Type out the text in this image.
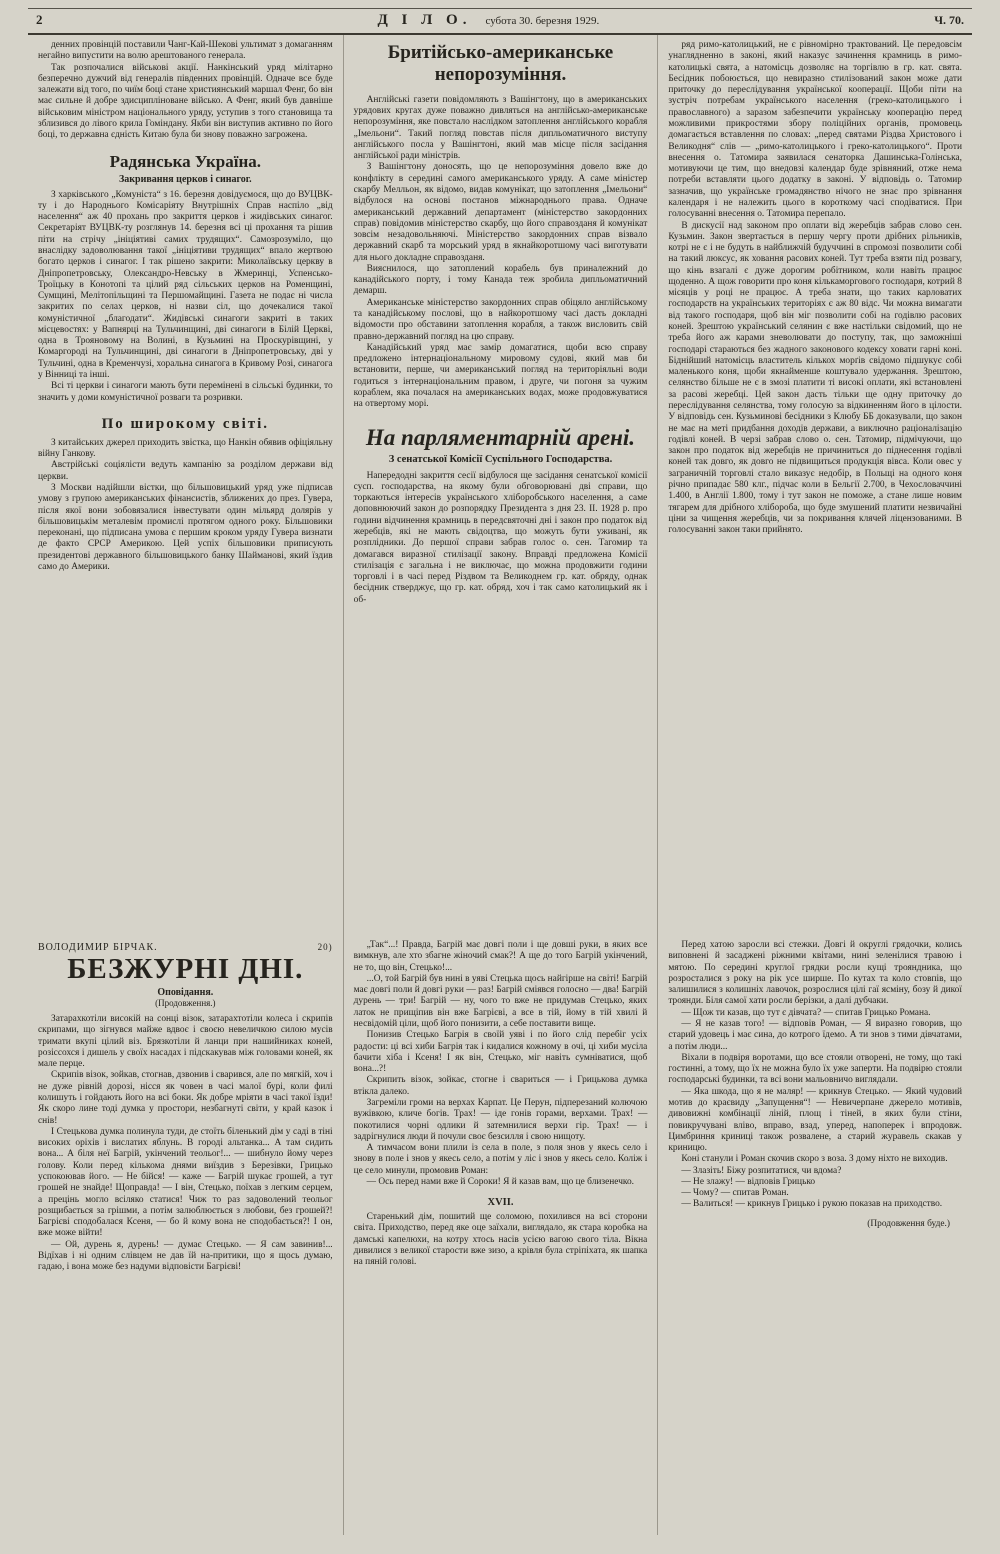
2	Д І Л О. субота 30. березня 1929.	Ч. 70.

денних провінцій поставили Чанг-Кай-Шекові ультимат з домаганням негайно випустити на волю арештованого генерала.

Так розпочалися військові акції. Нанкінський уряд мілітарно безперечно дужчий від генералів південних провінцій. Одначе все буде залежати від того, по чиїм боці стане християнський маршал Фенг, бо він має сильне й добре здисципліноване військо. А Фенг, який був давніше військовим міністром національного уряду, уступив з того становища та зблизився до лівого крила Гоміндану. Якби він виступив активно по його боці, то державна єдність Китаю була би знову поважно загрожена.

Радянська Україна.
Закривання церков і синагог.

З харківського „Комуніста“ з 16. березня довідуємося, що до ВУЦВК-ту і до Народнього Комісаріяту Внутрішніх Справ наспіло „від населення“ аж 40 прохань про закриття церков і жидівських синагог. Секретаріят ВУЦВК-ту розглянув 14. березня всі ці прохання та рішив піти на стрічу „ініціятиві самих трудящих“. Самозрозуміло, що внаслідку задоволювання такої „ініціятиви трудящих“ впало жертвою богато церков і синагог. І так рішено закрити: Миколаївську церкву в Дніпропетровську, Олександро-Невську в Жмеринці, Успенсько-Троїцьку в Конотопі та цілий ряд сільських церков на Роменщині, Сумщині, Мелітопільщині та Першомайщині. Газета не подає ні числа закритих по селах церков, ні назви сіл, що дочекалися такої комуністичної „благодати“. Жидівські синагоги закриті в таких місцевостях: у Вапнярці на Тульчинщині, дві синагоги в Білій Церкві, одна в Трояновому на Волині, в Кузьмині на Проскурівщині, у Комаргороді на Тульчинщині, дві синагоги в Дніпропетровську, дві у Тульчині, одна в Кременчузі, хоральна синагога в Кривому Розі, синагога у Вінниці та інші.

Всі ті церкви і синагоги мають бути перемінені в сільські будинки, то значить у доми комуністичної розваги та розривки.

По широкому світі.

З китайських джерел приходить звістка, що Нанкін обявив офіціяльну війну Ганкову.

Австрійські соціялісти ведуть кампанію за розділом держави від церкви.

З Москви надійшли вістки, що більшовицький уряд уже підписав умову з групою американських фінансистів, зближених до през. Гувера, після якої вони зобовязалися інвестувати один мільярд долярів у більшовицькім металевім промислі протягом одного року. Більшовики переконані, що підписана умова є першим кроком уряду Гувера визнати де факто СРСР Америкою. Цей успіх більшовики приписують президентові державного більшовицького банку Шайманові, який їздив само до Америки.

Бритійсько-американське непорозуміння.

Англійські газети повідомляють з Вашінгтону, що в американських урядових кругах дуже поважно дивляться на англійсько-американське непорозуміння, яке повстало наслідком затоплення англійського корабля „Імельони“. Такий погляд повстав після дипльоматичного виступу англійського посла у Вашінгтоні, який мав місце після засідання англійської ради міністрів.

З Вашінгтону доносять, що це непорозуміння довело вже до конфлікту в середині самого американського уряду. А саме міністер скарбу Мелльон, як відомо, видав комунікат, що затоплення „Імельони“ відбулося на основі постанов міжнароднього права. Одначе американський державний департамент (міністерство закордонних справ) повідомив міністерство скарбу, що його справозданя й комунікат зовсім незадовольняючі. Міністерство закордонних справ візвало державний скарб та морський уряд в якнайкоротшому часі виготувати для нього докладне справозданя.

Вияснилося, що затоплений корабель був приналежний до канадійського порту, і тому Канада теж зробила дипльоматичний демарш.

Американське міністерство закордонних справ обіцяло англійському та канадійському послові, що в найкоротшому часі дасть докладні відомости про обставини затоплення корабля, а також висловить свій правно-державний погляд на цю справу.

Канадійський уряд має замір домагатися, щоби всю справу предложено інтернаціональному мировому судові, який мав би встановити, перше, чи американський погляд на територіяльні води годиться з інтернаціональним правом, і друге, чи погоня за чужим кораблем, яка почалася на американських водах, може продовжуватися на отвертому морі.

На парляментарній арені.
З сенатської Комісії Суспільного Господарства.

Напередодні закриття сесії відбулося ще засідання сенатської комісії сусп. господарства, на якому були обговорювані дві справи, що торкаються інтересів українського хліборобського населення, а саме доповнюючий закон до розпорядку Президента з дня 23. II. 1928 р. про години відчинення крамниць в передсвяточні дні і закон про податок від жеребців, які не мають свідоцтва, що можуть бути уживані, як розплідники. До першої справи забрав голос о. сен. Тагомир та домагався виразної стилізації закону. Вправді предложена Комісії стилізація є загальна і не виключає, що можна продовжити години торговлі і в часі перед Різдвом та Великоднем гр. кат. обряду, однак бесідник стверджує, що гр. кат. обряд, хоч і так само католицький як і об-

ряд римо-католицький, не є рівномірно трактований. Це передовсім унаглядненно в законі, який наказує зачинення крамниць в римо-католицькі свята, а натомісць дозволяє на торгівлю в гр. кат. свята. Бесідник побоюється, що невиразно стилізований закон може дати приточку до переслідування української кооперації. Щоби піти на зустріч потребам українського населення (греко-католицького і православного) а заразом забезпечити українську кооперацію перед можливими прикростями збору поліційних органів, промовець домагається вставлення по словах: „перед святами Різдва Христового і Великодня“ слів — „римо-католицького і греко-католицького“. Проти внесення о. Татомира заявилася сенаторка Дашинська-Голінська, мотивуючи це тим, що внедовзі календар буде зрівняний, отже нема потреби вставляти цього додатку в законі. У відповідь о. Татомир зазначив, що українське громадянство нічого не знає про зрівнання календаря і не належить цього в короткому часі сподіватися. При голосуванні внесення о. Татомира перепало.

В дискусії над законом про оплати від жеребців забрав слово сен. Кузьмин. Закон звертається в першу чергу проти дрібних рільників, котрі не є і не будуть в найближчій будуччині в спромозі позволити собі на такий люксус, як ховання расових коней. Тут треба взяти під розвагу, що кінь взагалі є дуже дорогим робітником, коли навіть працює щоденно. А щож говорити про коня кількаморгового господаря, котрий 8 місяців у році не працює. А треба знати, що таких карловатих господарств на українських територіях є аж 80 відс. Чи можна вимагати від такого господаря, щоб він міг позволити собі на годівлю расових коней. Зрештою український селянин є вже настільки свідомий, що не треба його аж карами зневолювати до поступу, так, що заможніші господарі стараються без жадного законового кодексу ховати гарні коні. Біднійший натомісць властитель кількох морґів свідомо підшукує собі маленького коня, щоби якнайменше коштувало удержання. Зрештою, селянство більше не є в змозі платити ті високі оплати, які встановлені за расові жеребці. Цей закон дасть тільки ще одну приточку до переслідування селянства, тому голосую за відкиненням його в цілости. У відповідь сен. Кузьминові бесідники з Клюбу ББ доказували, що закон не має на меті придбання доходів держави, а виключно раціоналізацію годівлі коней. В черзі забрав слово о. сен. Татомир, підмічуючи, що закон про податок від жеребців не причиниться до піднесення годівлі коней так довго, як довго не підвищиться продукція вівса. Коли овес у заграничній торговлі стало виказує недобір, в Польщі на одного коня річно припадає 580 клг., підчас коли в Бельгії 2.700, в Чехословаччині 1.400, в Англії 1.800, тому і тут закон не поможе, а стане лише новим тягарем для дрібного хлібороба, що буде змушений платити незвичайні ціни за чищення жеребців, чи за покривання клячей ліцензованими. В голосуванні закон таки прийнято.

20)
ВОЛОДИМИР БІРЧАК.
БЕЗЖУРНІ ДНІ.
Оповідання.
(Продовження.)

Затарахкотіли високій на сонці візок, затарахтотіли колеса і скрипів скрипами, що зігнувся майже вдвоє і своєю невеличкою силою мусів тримати вкупі цілий віз. Брязкотіли й ланци при нашийниках коней, розіссохся і дишель у своїх насадах і підскакував між головами коней, як мале перце.

Скрипів візок, зойкав, стогнав, дзвонив і сварився, але по мягкій, хоч і не дуже рівній дорозі, нісся як човен в часі малої бурі, коли филі колишуть і гойдають його на всі боки. Як добре мріяти в часі такої їзди! Як скоро лине тоді думка у простори, незбагнуті світи, у край казок і снів!

І Стецькова думка полинула туди, де стоїть біленький дім у саді в тіні високих оріхів і вислатих яблунь. В городі альтанка... А там сидить вона... А біля неї Багрій, укінчений теольог!... — шибнуло йому через голову. Коли перед кількома днями виїздив з Березівки, Грицько успокоював його. — Не бійся! — каже — Багрій шукає грошей, а тут грошей не знайде! Щоправда! — І він, Стецько, поїхав з легким серцем, а прецінь могло всіляко статися! Чиж то раз задоволений теольог розщибається за грішми, а потім залюблюється з любови, без грошей?! Багрієві сподобалася Ксеня, — бо й кому вона не сподобається?! І он, вже може війти!

— Ой, дурень я, дурень! — думає Стецько. — Я сам завинив!... Відїхав і ні одним слівцем не дав їй на-притики, що я щось думаю, гадаю, і вона може без надуми відповісти Багрієві!

„Так“...! Правда, Багрій має довгі поли і ще довші руки, в яких все вимкнув, але хто збагне жіночий смак?! А ще до того Багрій укінчений, не то, що він, Стецько!...

...О, той Багрій був нині в уяві Стецька щось найгірше на світі! Багрій має довгі поли й довгі руки — раз! Багрій сміявся голосно — два! Багрій дурень — три! Багрій — ну, чого то вже не придумав Стецько, яких латок не прищіпив він вже Багрієві, а все в тій, йому в тій хвилі й несвідомій ціли, щоб його понизити, а себе поставити вище.

Понизив Стецько Багрія в своїй уяві і по його слід перебіг усіх радости: ці всі хиби Багрія так і кидалися кожному в очі, ці хиби мусіла бачити хіба і Ксеня! І як він, Стецько, міг навіть сумніватися, щоб вона...?!

Скрипить візок, зойкає, стогне і свариться — і Грицькова думка втікла далеко.

Загреміли громи на верхах Карпат. Це Перун, підперезаний колючою вужівкою, кличе богів. Трах! — іде гонів горами, верхами. Трах! — покотилися чорні одлики й затемнилися верхи гір. Трах! — і задрігнулися люди й почули своє безсилля і свою нищоту.

А тимчасом вони плили із села в поле, з поля знов у якесь село і знову в поле і знов у якесь село, а потім у ліс і знов у якесь село. Коліж і це село минули, промовив Роман:

— Ось перед нами вже й Сороки! Я й казав вам, що це близенечко.

XVII.

Старенький дім, пошитий ще соломою, похилився на всі сторони світа. Приходство, перед яке оце заїхали, виглядало, як стара коробка на дамські капелюхи, на котру хтось насів усією вагою свого тіла. Вікна дивилися з великої старости вже зизо, а крівля була стріпіхата, як шапка на пяній голові.

Перед хатою заросли всі стежки. Довгі й округлі грядочки, колись виповнені й засаджені ріжними квітами, нині зеленілися травою і мятою. По середині круглої грядки росли кущі трояндника, що розросталися з року на рік усе ширше. По кутах та коло стовпів, що залишилися з колишніх лавочок, розрослися цілі гаї ясміну, бозу й дикої троянди. Біля самої хати росли берізки, а далі дубчаки.

— Щож ти казав, що тут є дівчата? — спитав Грицько Романа.

— Я не казав того! — відповів Роман, — Я виразно говорив, що старий удовець і має сина, до котрого їдемо. А ти знов з тими дівчатами, а потім люди...

Віхали в подвіря воротами, що все стояли отворені, не тому, що такі гостинні, а тому, що їх не можна було їх уже заперти. На подвірю стояли господарські будинки, та всі вони мальовничо виглядали.

— Яка шкода, що я не маляр! — крикнув Стецько. — Який чудовий мотив до краєвиду „Запущення“! — Невичерпане джерело мотивів, дивовижні комбінації ліній, площ і тіней, в яких були стіни, повикручувані вліво, вправо, взад, уперед, напоперек і впродовж. Цимбриння криниці також розвалене, а старий журавель скакав у криницю.

Коні станули і Роман скочив скоро з воза. З дому ніхто не виходив.

— Злазіть! Біжу розпитатися, чи вдома?

— Не злажу! — відповів Грицько

— Чому? — спитав Роман.

— Валиться! — крикнув Грицько і рукою показав на приходство.

(Продовження буде.)
